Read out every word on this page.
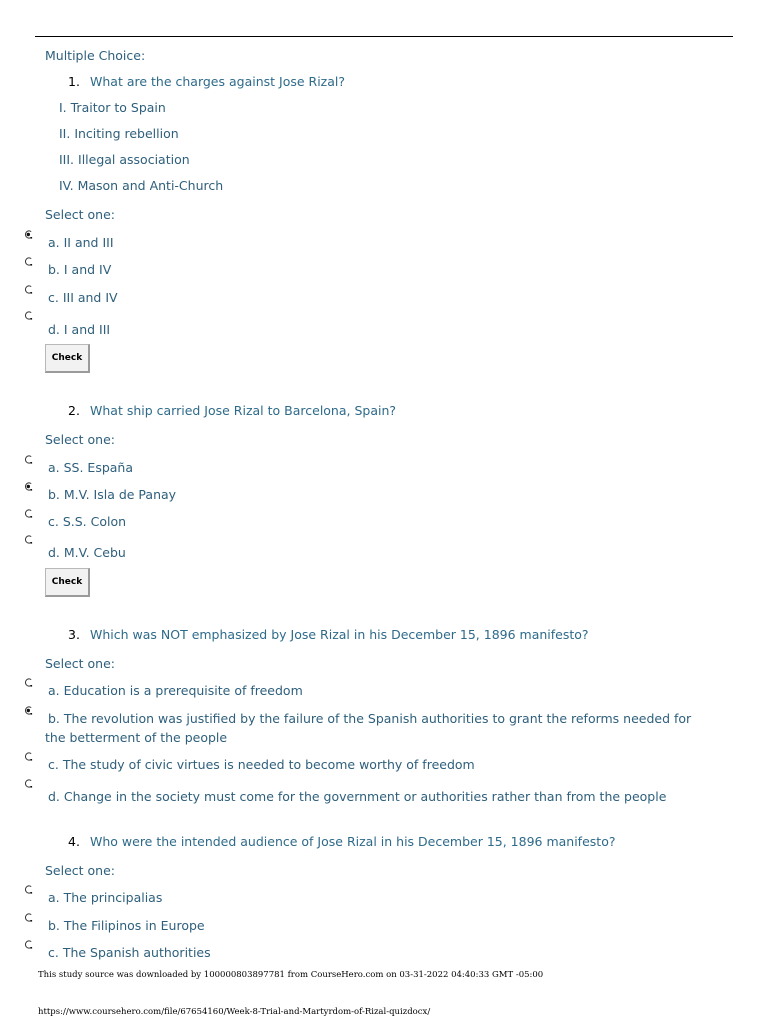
Multiple Choice:
1. What are the charges against Jose Rizal?
I. Traitor to Spain
II. Inciting rebellion
III. Illegal association
IV. Mason and Anti-Church
Select one:
a. II and III
b. I and IV
c. III and IV
d. I and III
Check
2. What ship carried Jose Rizal to Barcelona, Spain?
Select one:
a. SS. España
b. M.V. Isla de Panay
c. S.S. Colon
d. M.V. Cebu
Check
3. Which was NOT emphasized by Jose Rizal in his December 15, 1896 manifesto?
Select one:
a. Education is a prerequisite of freedom
b. The revolution was justified by the failure of the Spanish authorities to grant the reforms needed for the betterment of the people
c. The study of civic virtues is needed to become worthy of freedom
d. Change in the society must come for the government or authorities rather than from the people
4. Who were the intended audience of Jose Rizal in his December 15, 1896 manifesto?
Select one:
a. The principalias
b. The Filipinos in Europe
c. The Spanish authorities
This study source was downloaded by 100000803897781 from CourseHero.com on 03-31-2022 04:40:33 GMT -05:00
https://www.coursehero.com/file/67654160/Week-8-Trial-and-Martyrdom-of-Rizal-quizdocx/
